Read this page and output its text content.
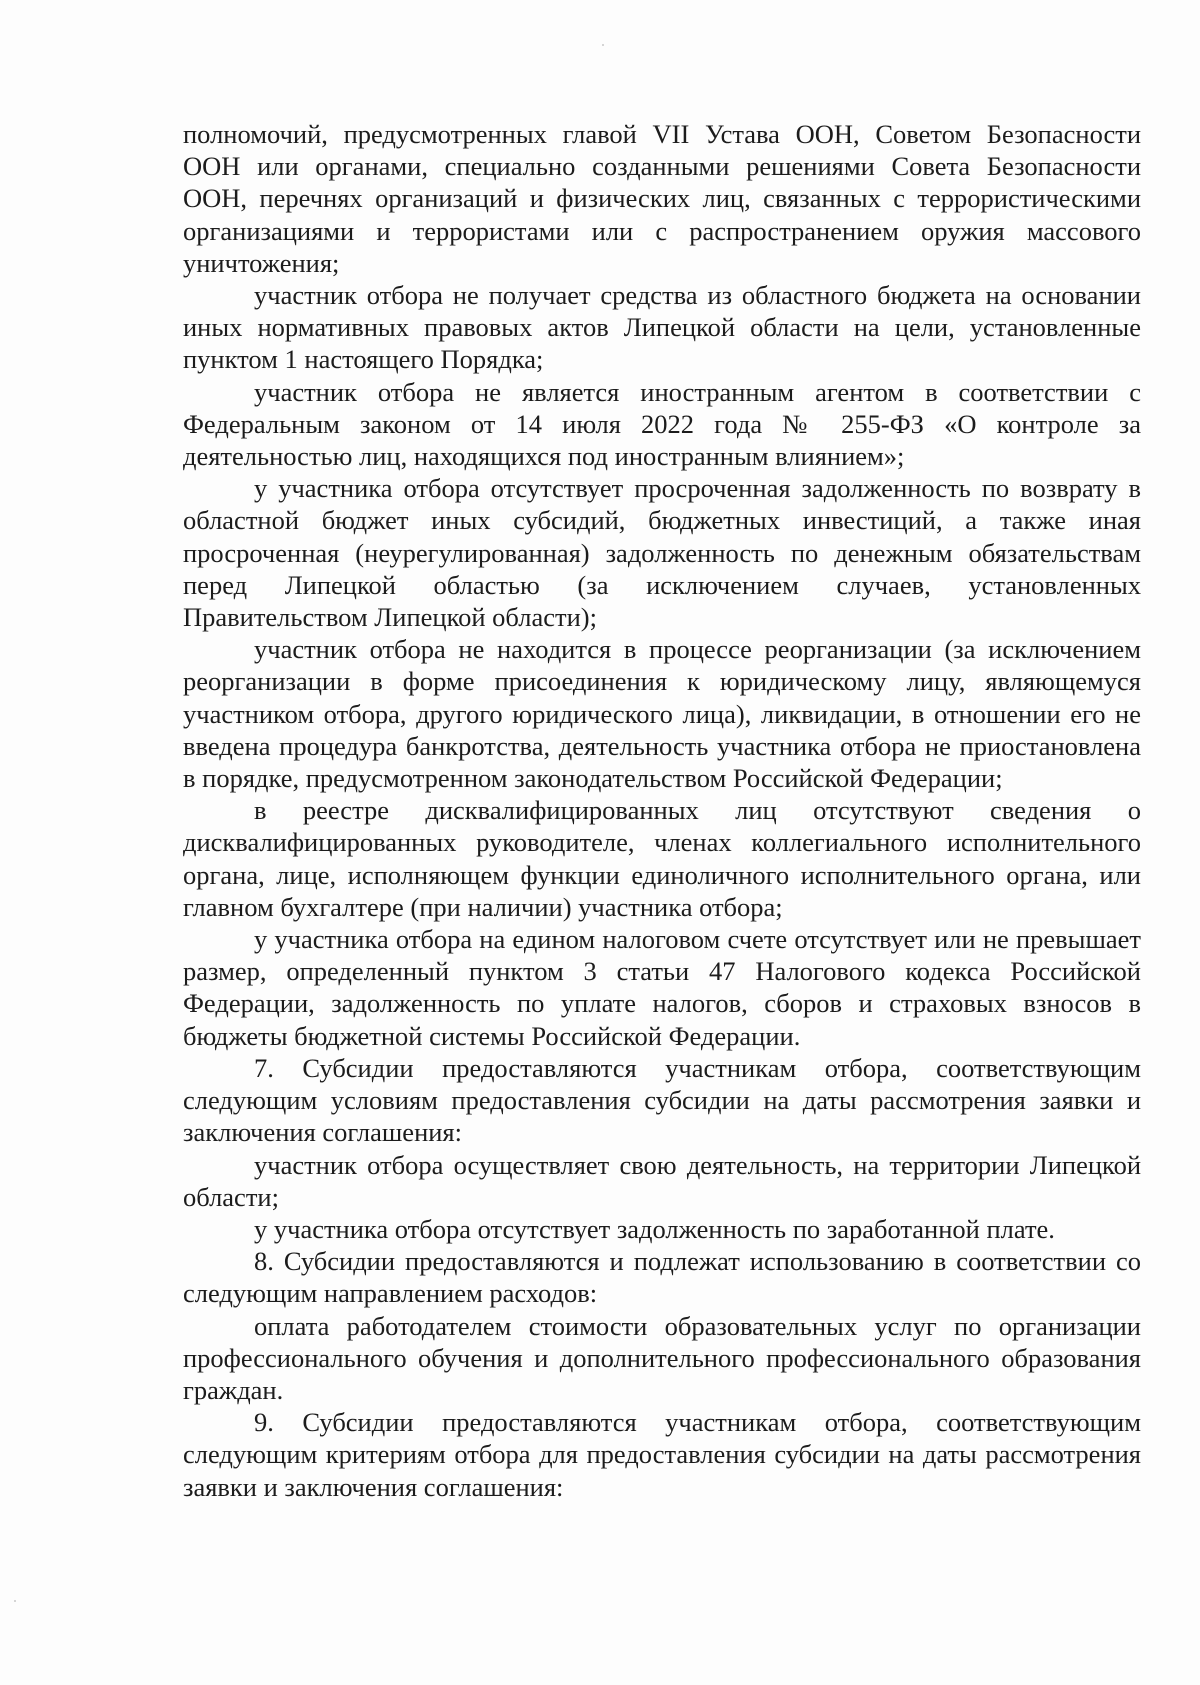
полномочий, предусмотренных главой VII Устава ООН, Советом Безопасности ООН или органами, специально созданными решениями Совета Безопасности ООН, перечнях организаций и физических лиц, связанных с террористическими организациями и террористами или с распространением оружия массового уничтожения;

участник отбора не получает средства из областного бюджета на основании иных нормативных правовых актов Липецкой области на цели, установленные пунктом 1 настоящего Порядка;

участник отбора не является иностранным агентом в соответствии с Федеральным законом от 14 июля 2022 года № 255-ФЗ «О контроле за деятельностью лиц, находящихся под иностранным влиянием»;

у участника отбора отсутствует просроченная задолженность по возврату в областной бюджет иных субсидий, бюджетных инвестиций, а также иная просроченная (неурегулированная) задолженность по денежным обязательствам перед Липецкой областью (за исключением случаев, установленных Правительством Липецкой области);

участник отбора не находится в процессе реорганизации (за исключением реорганизации в форме присоединения к юридическому лицу, являющемуся участником отбора, другого юридического лица), ликвидации, в отношении его не введена процедура банкротства, деятельность участника отбора не приостановлена в порядке, предусмотренном законодательством Российской Федерации;

в реестре дисквалифицированных лиц отсутствуют сведения о дисквалифицированных руководителе, членах коллегиального исполнительного органа, лице, исполняющем функции единоличного исполнительного органа, или главном бухгалтере (при наличии) участника отбора;

у участника отбора на едином налоговом счете отсутствует или не превышает размер, определенный пунктом 3 статьи 47 Налогового кодекса Российской Федерации, задолженность по уплате налогов, сборов и страховых взносов в бюджеты бюджетной системы Российской Федерации.

7. Субсидии предоставляются участникам отбора, соответствующим следующим условиям предоставления субсидии на даты рассмотрения заявки и заключения соглашения:

участник отбора осуществляет свою деятельность, на территории Липецкой области;

у участника отбора отсутствует задолженность по заработанной плате.

8. Субсидии предоставляются и подлежат использованию в соответствии со следующим направлением расходов:

оплата работодателем стоимости образовательных услуг по организации профессионального обучения и дополнительного профессионального образования граждан.

9. Субсидии предоставляются участникам отбора, соответствующим следующим критериям отбора для предоставления субсидии на даты рассмотрения заявки и заключения соглашения:
